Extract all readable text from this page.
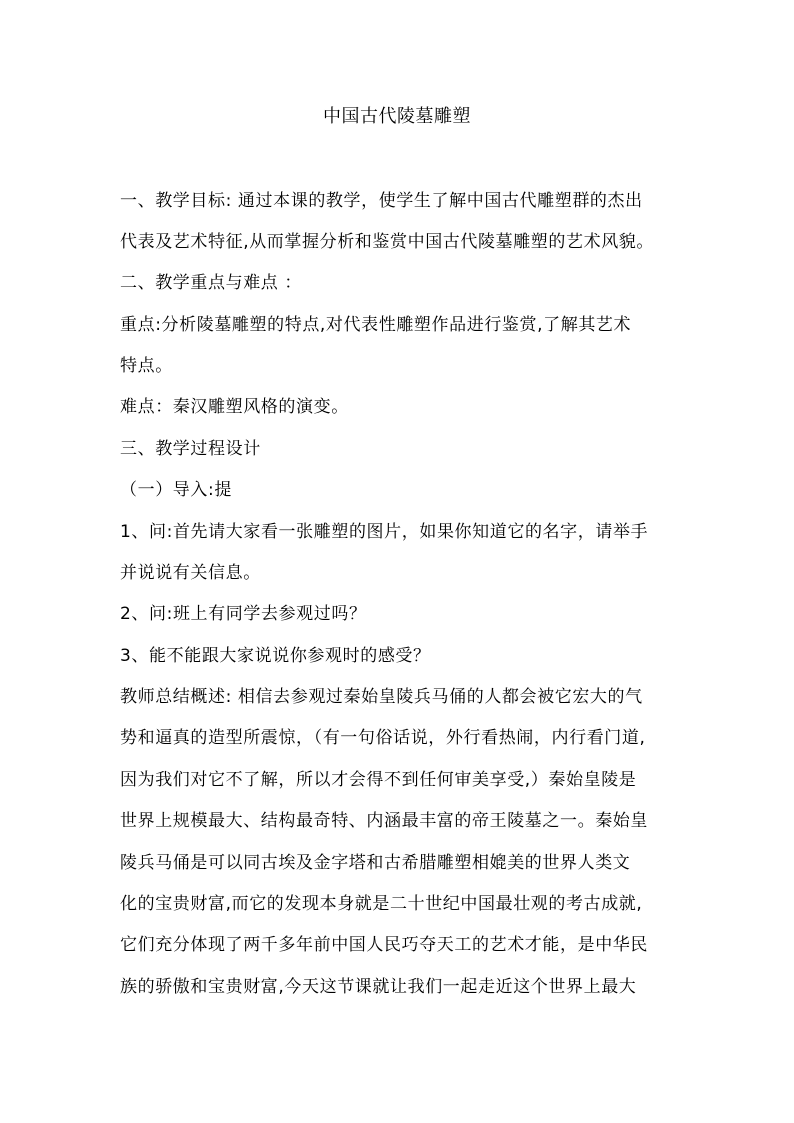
中国古代陵墓雕塑
一、教学目标: 通过本课的教学，使学生了解中国古代雕塑群的杰出
代表及艺术特征,从而掌握分析和鉴赏中国古代陵墓雕塑的艺术风貌。
二、教学重点与难点 ：
重点:分析陵墓雕塑的特点,对代表性雕塑作品进行鉴赏,了解其艺术
特点。
难点：秦汉雕塑风格的演变。
三、教学过程设计
（一）导入:提
1、问:首先请大家看一张雕塑的图片，如果你知道它的名字，请举手
并说说有关信息。
2、问:班上有同学去参观过吗？
3、能不能跟大家说说你参观时的感受？
教师总结概述: 相信去参观过秦始皇陵兵马俑的人都会被它宏大的气
势和逼真的造型所震惊，（有一句俗话说，外行看热闹，内行看门道,
因为我们对它不了解，所以才会得不到任何审美享受,）秦始皇陵是
世界上规模最大、结构最奇特、内涵最丰富的帝王陵墓之一。秦始皇
陵兵马俑是可以同古埃及金字塔和古希腊雕塑相媲美的世界人类文
化的宝贵财富,而它的发现本身就是二十世纪中国最壮观的考古成就,
它们充分体现了两千多年前中国人民巧夺天工的艺术才能，是中华民
族的骄傲和宝贵财富,今天这节课就让我们一起走近这个世界上最大
